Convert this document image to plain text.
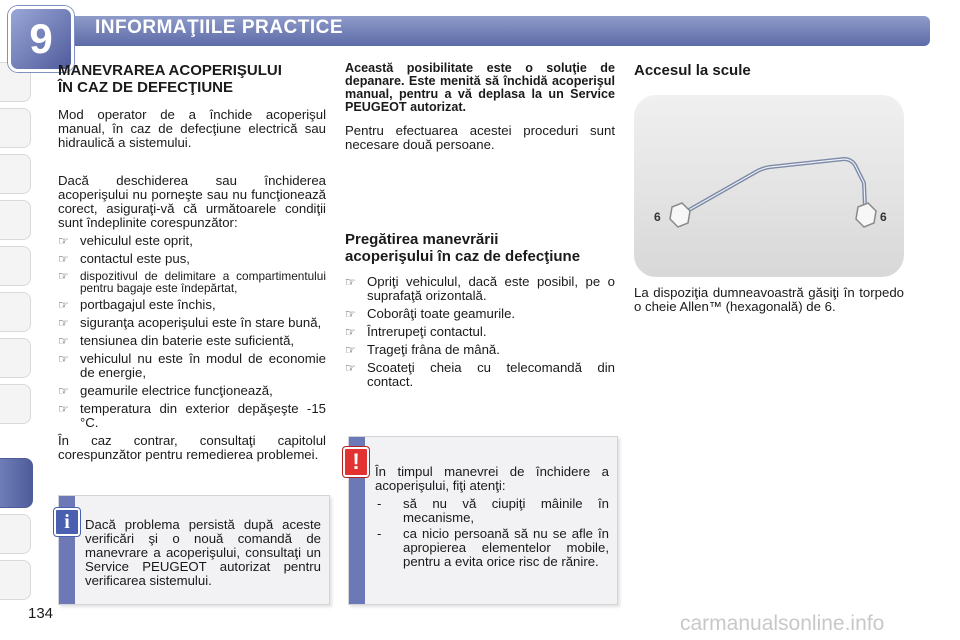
9	INFORMAŢIILE PRACTICE
MANEVRAREA ACOPERIŞULUI
ÎN CAZ DE DEFECŢIUNE

Mod operator de a închide acoperişul manual, în caz de defecţiune electrică sau hidraulică a sistemului.

Dacă deschiderea sau închiderea acoperişului nu porneşte sau nu funcţionează corect, asiguraţi-vă că următoarele condiţii sunt îndeplinite corespunzător:

☞ vehiculul este oprit,
☞ contactul este pus,
☞ dispozitivul de delimitare a compartimentului pentru bagaje este îndepărtat,
☞ portbagajul este închis,
☞ siguranţa acoperişului este în stare bună,
☞ tensiunea din baterie este suficientă,
☞ vehiculul nu este în modul de economie de energie,
☞ geamurile electrice funcţionează,
☞ temperatura din exterior depăşeşte -15 °C.

În caz contrar, consultaţi capitolul corespunzător pentru remedierea problemei.

Dacă problema persistă după aceste verificări şi o nouă comandă de manevrare a acoperişului, consultaţi un Service PEUGEOT autorizat pentru verificarea sistemului.
i

Această posibilitate este o soluţie de depanare. Este menită să închidă acoperişul manual, pentru a vă deplasa la un Service PEUGEOT autorizat.

Pentru efectuarea acestei proceduri sunt necesare două persoane.

Pregătirea manevrării
acoperişului în caz de defecţiune
☞ Opriţi vehiculul, dacă este posibil, pe o suprafaţă orizontală.
☞ Coborâţi toate geamurile.
☞ Întrerupeţi contactul.
☞ Trageţi frâna de mână.
☞ Scoateţi cheia cu telecomandă din contact.
În timpul manevrei de închidere a acoperişului, fiţi atenţi:
- să nu vă ciupiţi mâinile în mecanisme,
- ca nicio persoană să nu se afle în apropierea elementelor mobile, pentru a evita orice risc de rănire.
!
Accesul la scule
6	6
La dispoziţia dumneavoastră găsiţi în torpedo o cheie Allen™ (hexagonală) de 6.
134	carmanualsonline.info
